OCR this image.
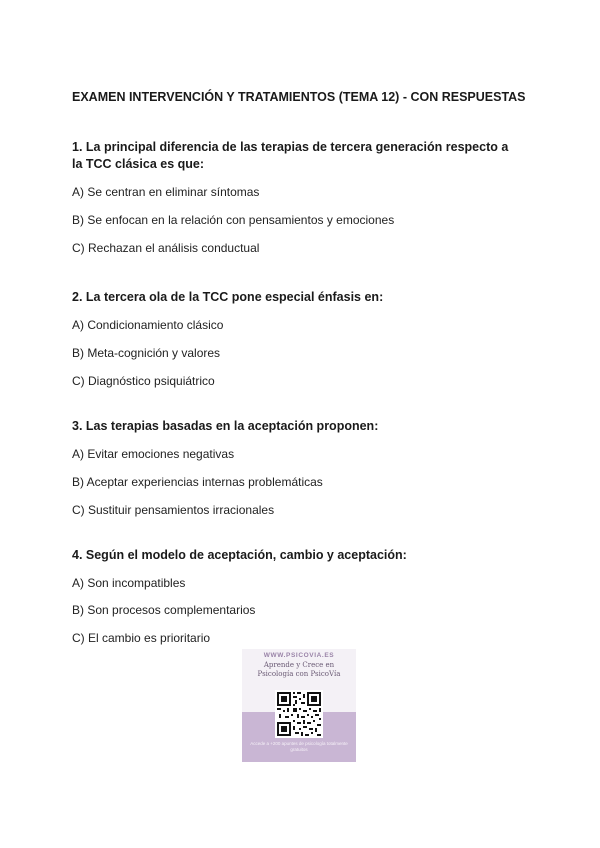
EXAMEN INTERVENCIÓN Y TRATAMIENTOS (TEMA 12) - CON RESPUESTAS
1. La principal diferencia de las terapias de tercera generación respecto a la TCC clásica es que:
A) Se centran en eliminar síntomas
B) Se enfocan en la relación con pensamientos y emociones
C) Rechazan el análisis conductual
2. La tercera ola de la TCC pone especial énfasis en:
A) Condicionamiento clásico
B) Meta-cognición y valores
C) Diagnóstico psiquiátrico
3. Las terapias basadas en la aceptación proponen:
A) Evitar emociones negativas
B) Aceptar experiencias internas problemáticas
C) Sustituir pensamientos irracionales
4. Según el modelo de aceptación, cambio y aceptación:
A) Son incompatibles
B) Son procesos complementarios
C) El cambio es prioritario
WWW.PSICOVIA.ES
Aprende y Crece en Psicología con PsicoVía
Accede a +200 apuntes de psicología totalmente gratuitos
